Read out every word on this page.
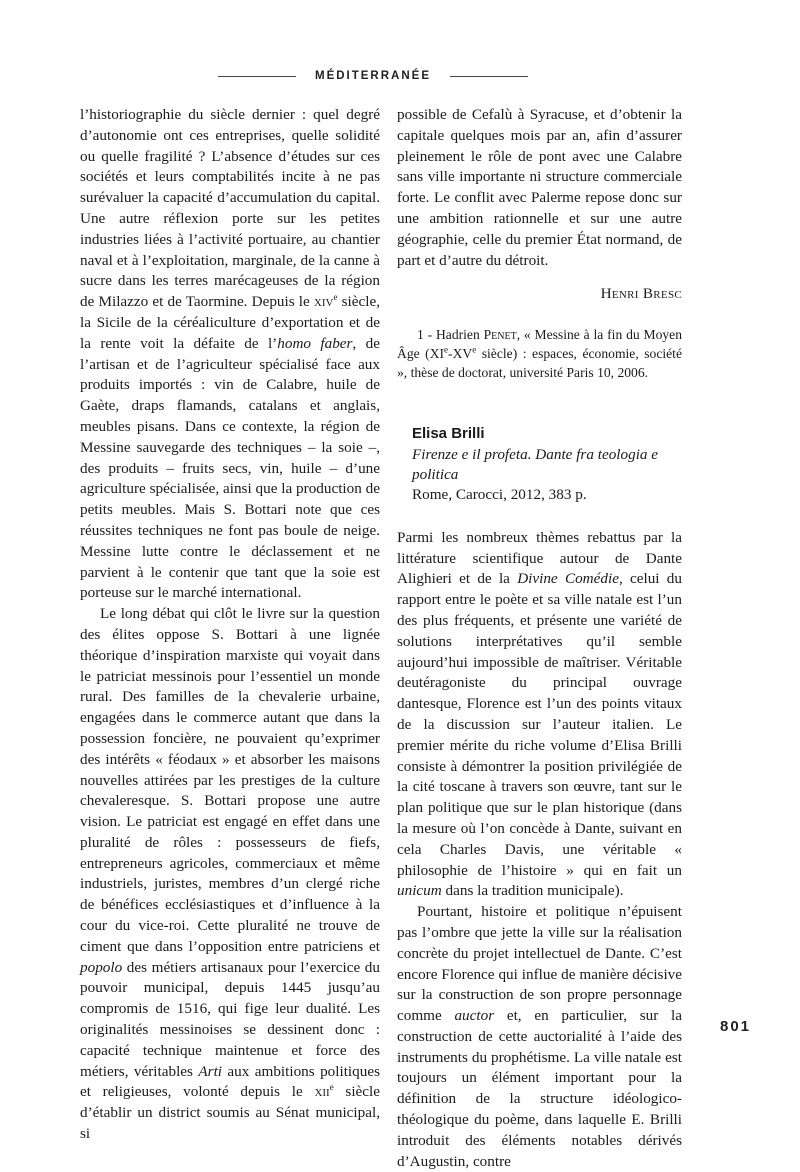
MÉDITERRANÉE

l’historiographie du siècle dernier : quel degré d’autonomie ont ces entreprises, quelle solidité ou quelle fragilité ? L’absence d’études sur ces sociétés et leurs comptabilités incite à ne pas surévaluer la capacité d’accumulation du capital. Une autre réflexion porte sur les petites industries liées à l’activité portuaire, au chantier naval et à l’exploitation, marginale, de la canne à sucre dans les terres marécageuses de la région de Milazzo et de Taormine. Depuis le xiv$^e$ siècle, la Sicile de la céréaliculture d’exportation et de la rente voit la défaite de l’homo faber, de l’artisan et de l’agriculteur spécialisé face aux produits importés : vin de Calabre, huile de Gaète, draps flamands, catalans et anglais, meubles pisans. Dans ce contexte, la région de Messine sauvegarde des techniques – la soie –, des produits – fruits secs, vin, huile – d’une agriculture spécialisée, ainsi que la production de petits meubles. Mais S. Bottari note que ces réussites techniques ne font pas boule de neige. Messine lutte contre le déclassement et ne parvient à le contenir que tant que la soie est porteuse sur le marché international.

Le long débat qui clôt le livre sur la question des élites oppose S. Bottari à une lignée théorique d’inspiration marxiste qui voyait dans le patriciat messinois pour l’essentiel un monde rural. Des familles de la chevalerie urbaine, engagées dans le commerce autant que dans la possession foncière, ne pouvaient qu’exprimer des intérêts « féodaux » et absorber les maisons nouvelles attirées par les prestiges de la culture chevaleresque. S. Bottari propose une autre vision. Le patriciat est engagé en effet dans une pluralité de rôles : possesseurs de fiefs, entrepreneurs agricoles, commerciaux et même industriels, juristes, membres d’un clergé riche de bénéfices ecclésiastiques et d’influence à la cour du vice-roi. Cette pluralité ne trouve de ciment que dans l’opposition entre patriciens et popolo des métiers artisanaux pour l’exercice du pouvoir municipal, depuis 1445 jusqu’au compromis de 1516, qui fige leur dualité. Les originalités messinoises se dessinent donc : capacité technique maintenue et force des métiers, véritables Arti aux ambitions politiques et religieuses, volonté depuis le xii$^e$ siècle d’établir un district soumis au Sénat municipal, si

possible de Cefalù à Syracuse, et d’obtenir la capitale quelques mois par an, afin d’assurer pleinement le rôle de pont avec une Calabre sans ville importante ni structure commerciale forte. Le conflit avec Palerme repose donc sur une ambition rationnelle et sur une autre géographie, celle du premier État normand, de part et d’autre du détroit.

Henri Bresc

1 - Hadrien Penet, « Messine à la fin du Moyen Âge (XIe-XVe siècle) : espaces, économie, société », thèse de doctorat, université Paris 10, 2006.

Elisa Brilli

Firenze e il profeta. Dante fra teologia e politica

Rome, Carocci, 2012, 383 p.

Parmi les nombreux thèmes rebattus par la littérature scientifique autour de Dante Alighieri et de la Divine Comédie, celui du rapport entre le poète et sa ville natale est l’un des plus fréquents, et présente une variété de solutions interprétatives qu’il semble aujourd’hui impossible de maîtriser. Véritable deutéragoniste du principal ouvrage dantesque, Florence est l’un des points vitaux de la discussion sur l’auteur italien. Le premier mérite du riche volume d’Elisa Brilli consiste à démontrer la position privilégiée de la cité toscane à travers son œuvre, tant sur le plan politique que sur le plan historique (dans la mesure où l’on concède à Dante, suivant en cela Charles Davis, une véritable « philosophie de l’histoire » qui en fait un unicum dans la tradition municipale).

Pourtant, histoire et politique n’épuisent pas l’ombre que jette la ville sur la réalisation concrète du projet intellectuel de Dante. C’est encore Florence qui influe de manière décisive sur la construction de son propre personnage comme auctor et, en particulier, sur la construction de cette auctorialité à l’aide des instruments du prophétisme. La ville natale est toujours un élément important pour la définition de la structure idéologico-théologique du poème, dans laquelle E. Brilli introduit des éléments notables dérivés d’Augustin, contre

801
